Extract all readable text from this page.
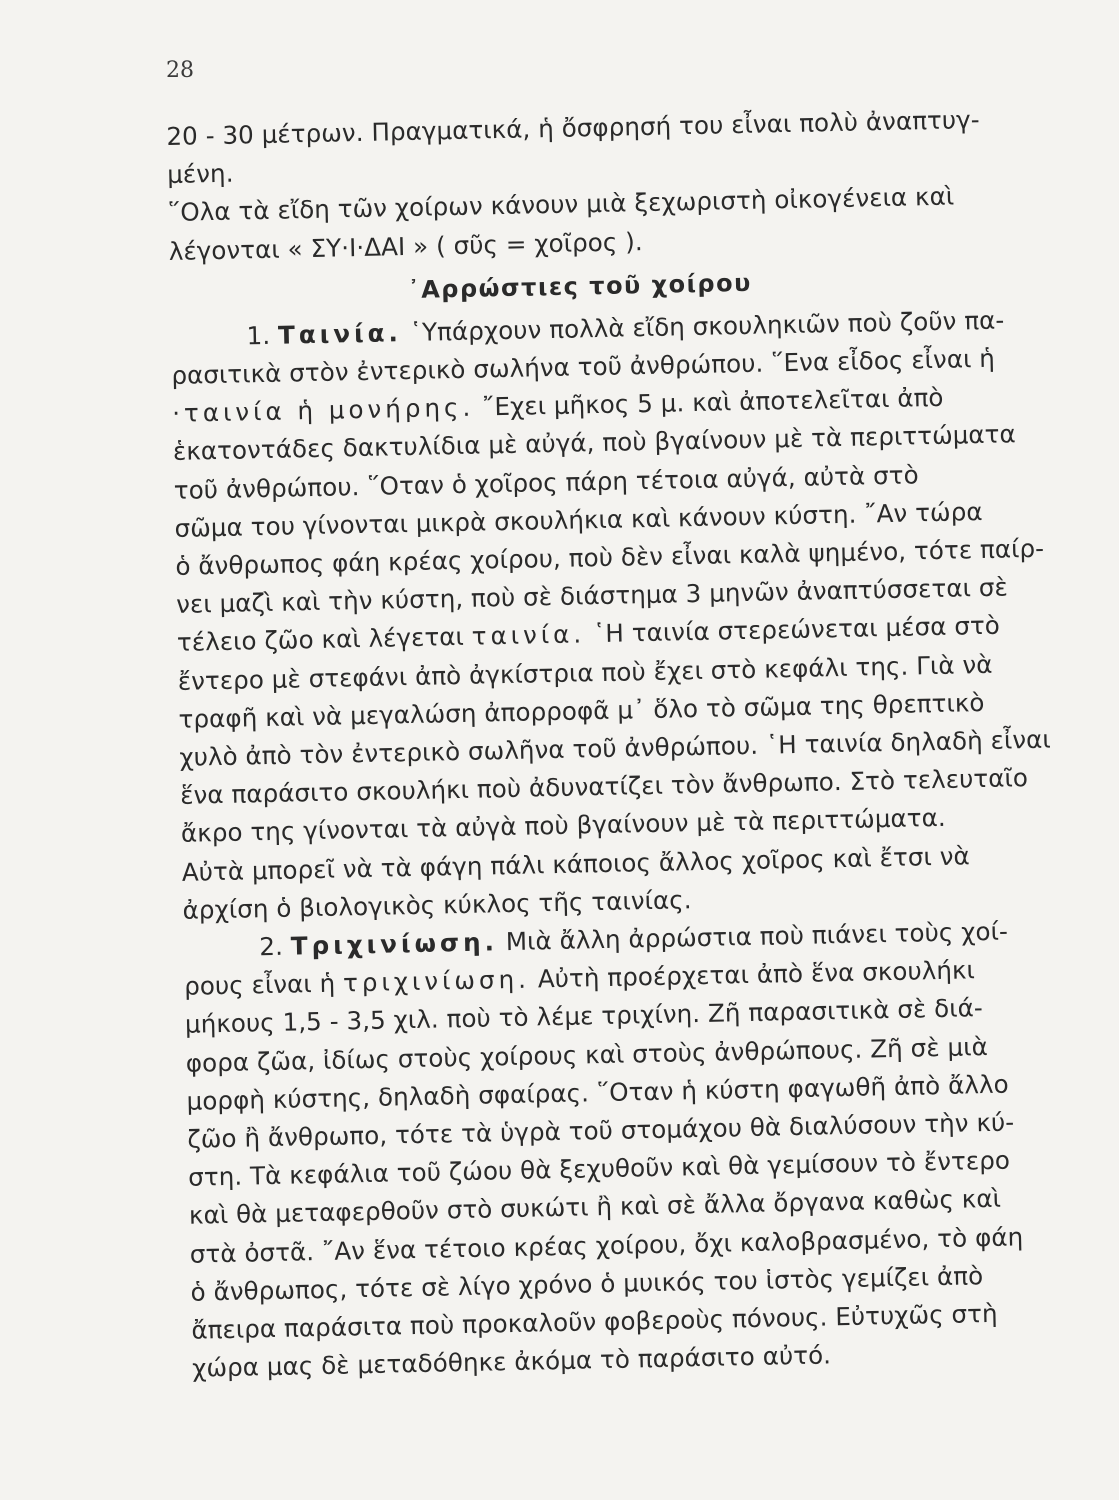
28
20 - 30 μέτρων. Πραγματικά, ἡ ὄσφρησή του εἶναι πολὺ ἀναπτυγ-
μένη.
῞Ολα τὰ εἴδη τῶν χοίρων κάνουν μιὰ ξεχωριστὴ οἰκογένεια καὶ
λέγονται « ΣΥ·Ι·ΔΑΙ » ( σῦς = χοῖρος ).
᾿Αρρώστιες τοῦ χοίρου
1. Ταινία. ῾Υπάρχουν πολλὰ εἴδη σκουληκιῶν ποὺ ζοῦν πα-
ρασιτικὰ στὸν ἐντερικὸ σωλήνα τοῦ ἀνθρώπου. ῞Ενα εἶδος εἶναι ἡ
·ταινία ἡ μονήρης. ῎Εχει μῆκος 5 μ. καὶ ἀποτελεῖται ἀπὸ
ἑκατοντάδες δακτυλίδια μὲ αὐγά, ποὺ βγαίνουν μὲ τὰ περιττώματα
τοῦ ἀνθρώπου. ῞Οταν ὁ χοῖρος πάρη τέτοια αὐγά, αὐτὰ στὸ
σῶμα του γίνονται μικρὰ σκουλήκια καὶ κάνουν κύστη. ῎Αν τώρα
ὁ ἄνθρωπος φάη κρέας χοίρου, ποὺ δὲν εἶναι καλὰ ψημένο, τότε παίρ-
νει μαζὶ καὶ τὴν κύστη, ποὺ σὲ διάστημα 3 μηνῶν ἀναπτύσσεται σὲ
τέλειο ζῶο καὶ λέγεται ταινία. ῾Η ταινία στερεώνεται μέσα στὸ
ἔντερο μὲ στεφάνι ἀπὸ ἀγκίστρια ποὺ ἔχει στὸ κεφάλι της. Γιὰ νὰ
τραφῆ καὶ νὰ μεγαλώση ἀπορροφᾶ μ᾿ ὅλο τὸ σῶμα της θρεπτικὸ
χυλὸ ἀπὸ τὸν ἐντερικὸ σωλῆνα τοῦ ἀνθρώπου. ῾Η ταινία δηλαδὴ εἶναι
ἕνα παράσιτο σκουλήκι ποὺ ἀδυνατίζει τὸν ἄνθρωπο. Στὸ τελευταῖο
ἄκρο της γίνονται τὰ αὐγὰ ποὺ βγαίνουν μὲ τὰ περιττώματα.
Αὐτὰ μπορεῖ νὰ τὰ φάγη πάλι κάποιος ἄλλος χοῖρος καὶ ἔτσι νὰ
ἀρχίση ὁ βιολογικὸς κύκλος τῆς ταινίας.
2. Τριχινίωση. Μιὰ ἄλλη ἀρρώστια ποὺ πιάνει τοὺς χοί-
ρους εἶναι ἡ τριχινίωση. Αὐτὴ προέρχεται ἀπὸ ἕνα σκουλήκι
μήκους 1,5 - 3,5 χιλ. ποὺ τὸ λέμε τριχίνη. Ζῆ παρασιτικὰ σὲ διά-
φορα ζῶα, ἰδίως στοὺς χοίρους καὶ στοὺς ἀνθρώπους. Ζῆ σὲ μιὰ
μορφὴ κύστης, δηλαδὴ σφαίρας. ῞Οταν ἡ κύστη φαγωθῆ ἀπὸ ἄλλο
ζῶο ἢ ἄνθρωπο, τότε τὰ ὑγρὰ τοῦ στομάχου θὰ διαλύσουν τὴν κύ-
στη. Τὰ κεφάλια τοῦ ζώου θὰ ξεχυθοῦν καὶ θὰ γεμίσουν τὸ ἔντερο
καὶ θὰ μεταφερθοῦν στὸ συκώτι ἢ καὶ σὲ ἄλλα ὄργανα καθὼς καὶ
στὰ ὀστᾶ. ῎Αν ἕνα τέτοιο κρέας χοίρου, ὄχι καλοβρασμένο, τὸ φάη
ὁ ἄνθρωπος, τότε σὲ λίγο χρόνο ὁ μυικός του ἱστὸς γεμίζει ἀπὸ
ἄπειρα παράσιτα ποὺ προκαλοῦν φοβεροὺς πόνους. Εὐτυχῶς στὴ
χώρα μας δὲ μεταδόθηκε ἀκόμα τὸ παράσιτο αὐτό.
